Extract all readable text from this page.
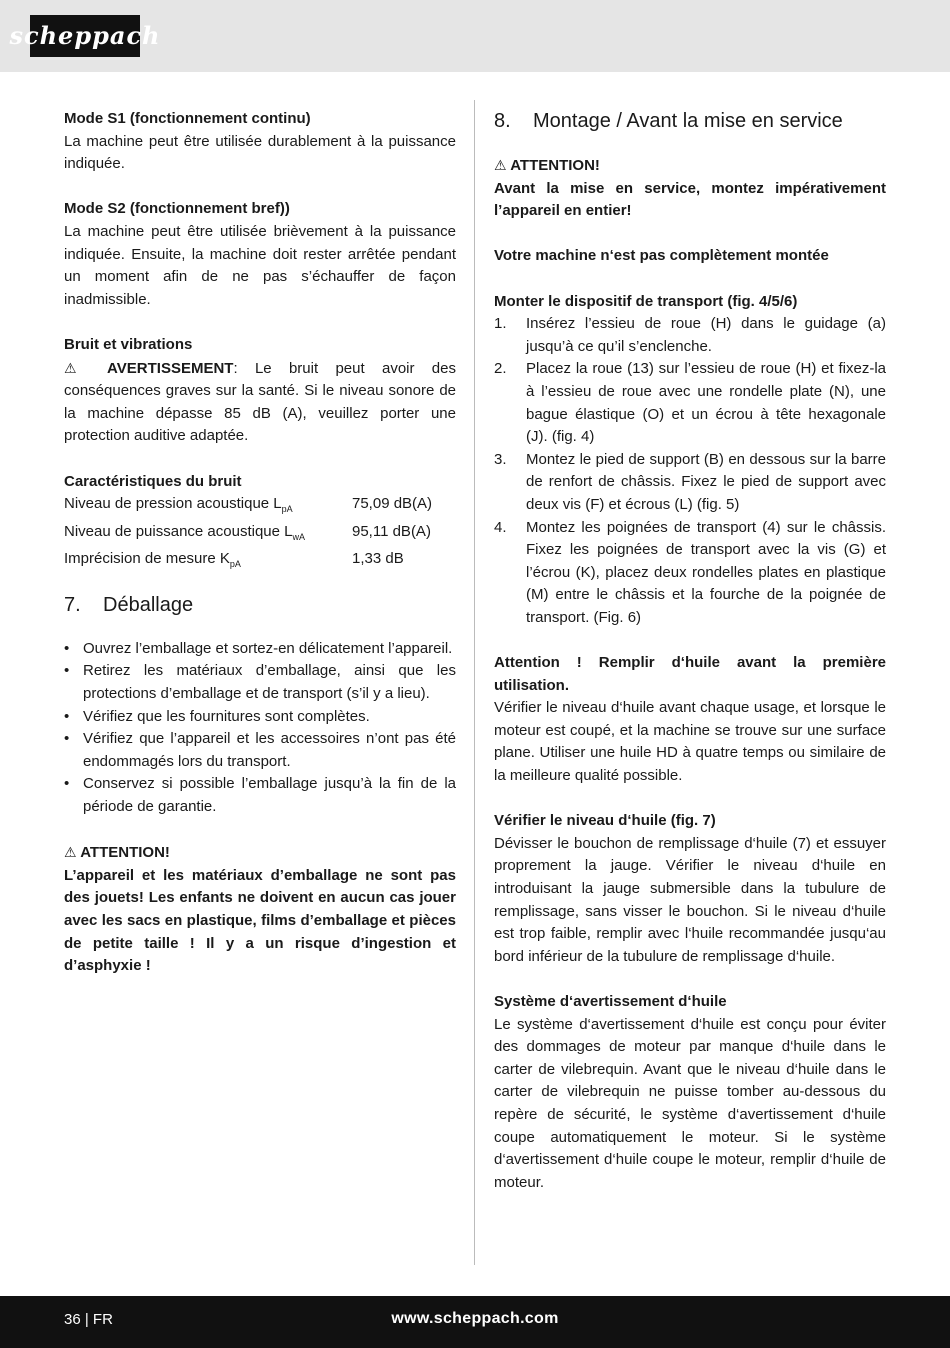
scheppach

Mode S1 (fonctionnement continu)

La machine peut être utilisée durablement à la puissance indiquée.

Mode S2 (fonctionnement bref))

La machine peut être utilisée brièvement à la puissance indiquée. Ensuite, la machine doit rester arrêtée pendant un moment afin de ne pas s’échauffer de façon inadmissible.

Bruit et vibrations

⚠ AVERTISSEMENT: Le bruit peut avoir des conséquences graves sur la santé. Si le niveau sonore de la machine dépasse 85 dB (A), veuillez porter une protection auditive adaptée.

Caractéristiques du bruit

Niveau de pression acoustique $L_{pA}$	75,09 dB(A)
Niveau de puissance acoustique $L_{wA}$	95,11 dB(A)
Imprécision de mesure $K_{pA}$	1,33 dB
7.	Déballage
• Ouvrez l’emballage et sortez-en délicatement l’appareil.
• Retirez les matériaux d’emballage, ainsi que les protections d’emballage et de transport (s’il y a lieu).
• Vérifiez que les fournitures sont complètes.
• Vérifiez que l’appareil et les accessoires n’ont pas été endommagés lors du transport.
• Conservez si possible l’emballage jusqu’à la fin de la période de garantie.

⚠ ATTENTION!

L’appareil et les matériaux d’emballage ne sont pas des jouets! Les enfants ne doivent en aucun cas jouer avec les sacs en plastique, films d’emballage et pièces de petite taille ! Il y a un risque d’ingestion et d’asphyxie !

8.	Montage / Avant la mise en service

⚠ ATTENTION!

Avant la mise en service, montez impérativement l’appareil en entier!

Votre machine n‘est pas complètement montée

Monter le dispositif de transport (fig. 4/5/6)

1.	Insérez l’essieu de roue (H) dans le guidage (a) jusqu’à ce qu’il s’enclenche.
2.	Placez la roue (13) sur l’essieu de roue (H) et fixez-la à l’essieu de roue avec une rondelle plate (N), une bague élastique (O) et un écrou à tête hexagonale (J). (fig. 4)
3.	Montez le pied de support (B) en dessous sur la barre de renfort de châssis. Fixez le pied de support avec deux vis (F) et écrous (L) (fig. 5)
4.	Montez les poignées de transport (4) sur le châssis. Fixez les poignées de transport avec la vis (G) et l’écrou (K), placez deux rondelles plates en plastique (M) entre le châssis et la fourche de la poignée de transport. (Fig. 6)

Attention ! Remplir d‘huile avant la première utilisation.

Vérifier le niveau d‘huile avant chaque usage, et lorsque le moteur est coupé, et la machine se trouve sur une surface plane. Utiliser une huile HD à quatre temps ou similaire de la meilleure qualité possible.

Vérifier le niveau d‘huile (fig. 7)

Dévisser le bouchon de remplissage d‘huile (7) et essuyer proprement la jauge. Vérifier le niveau d‘huile en introduisant la jauge submersible dans la tubulure de remplissage, sans visser le bouchon. Si le niveau d‘huile est trop faible, remplir avec l‘huile recommandée jusqu‘au bord inférieur de la tubulure de remplissage d‘huile.

Système d‘avertissement d‘huile

Le système d‘avertissement d‘huile est conçu pour éviter des dommages de moteur par manque d‘huile dans le carter de vilebrequin. Avant que le niveau d‘huile dans le carter de vilebrequin ne puisse tomber au-dessous du repère de sécurité, le système d‘avertissement d‘huile coupe automatiquement le moteur. Si le système d‘avertissement d‘huile coupe le moteur, remplir d‘huile de moteur.

36 | FR	www.scheppach.com
